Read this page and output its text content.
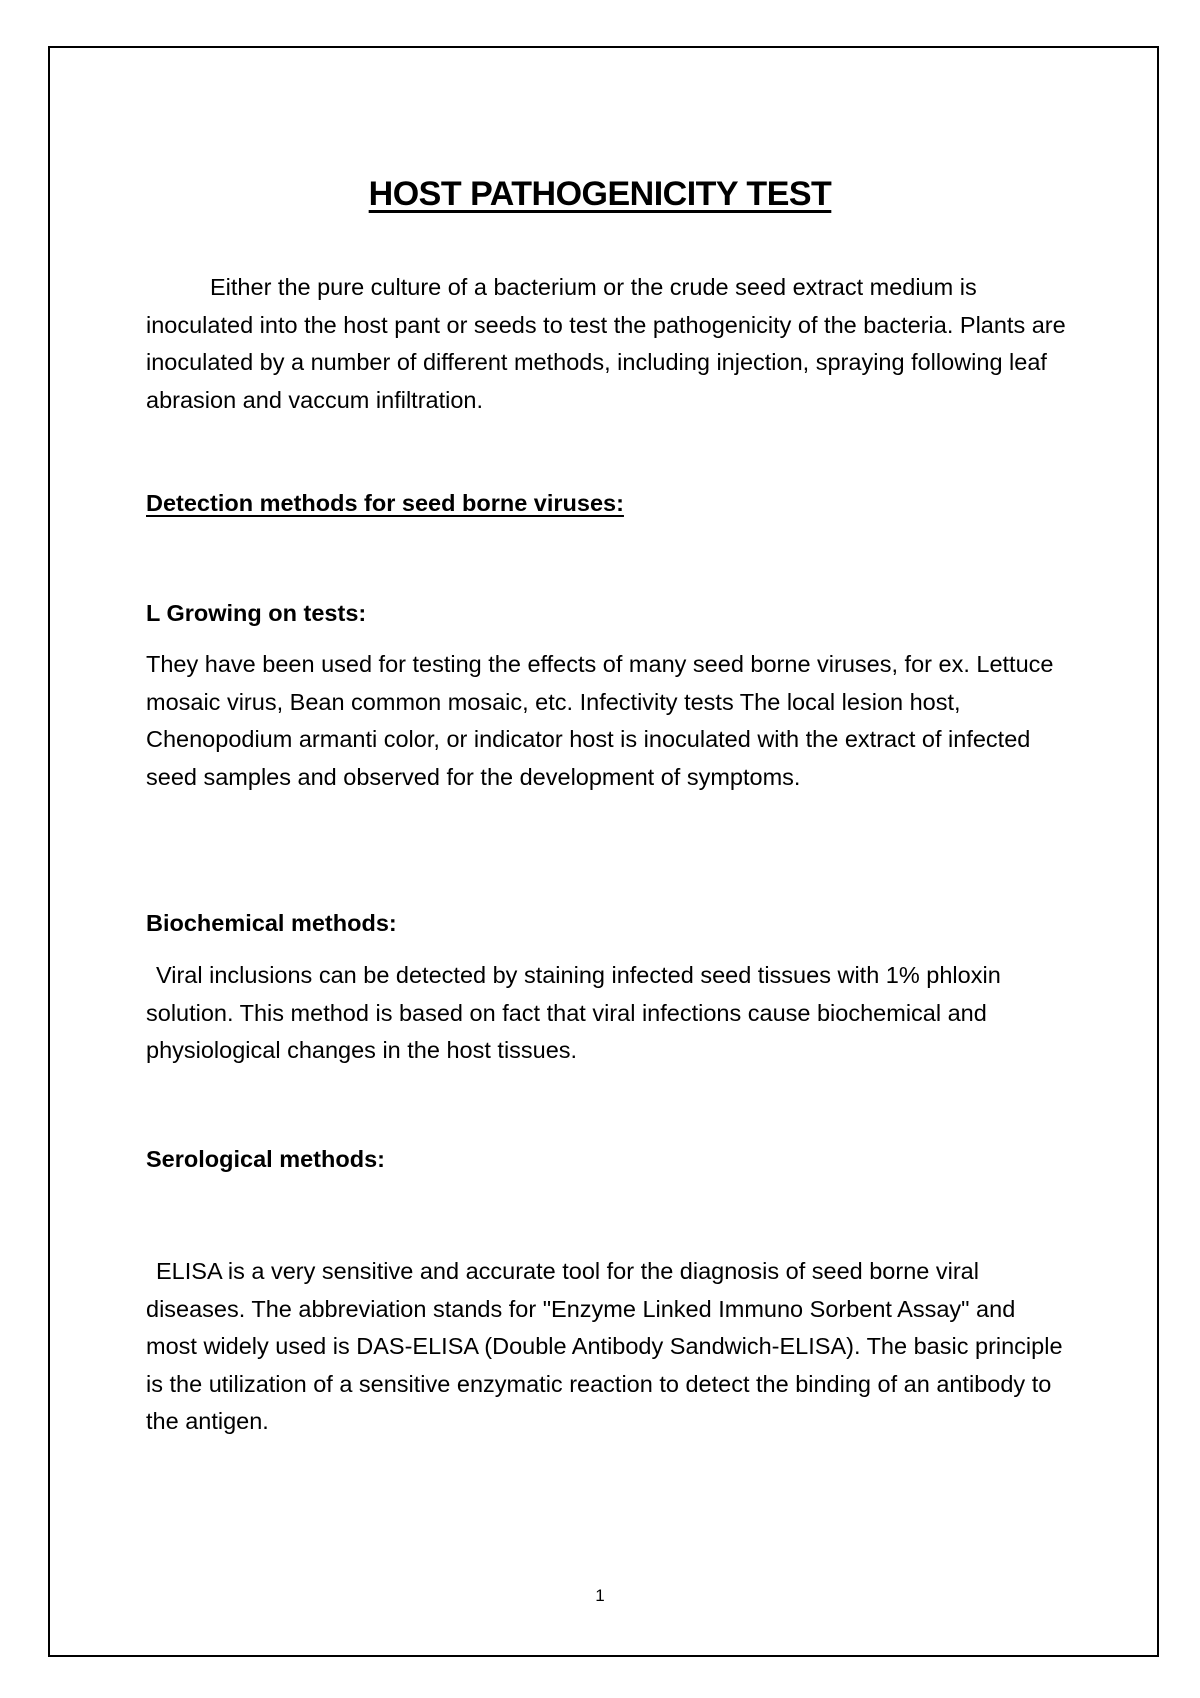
HOST PATHOGENICITY TEST

Either the pure culture of a bacterium or the crude seed extract medium is inoculated into the host pant or seeds to test the pathogenicity of the bacteria. Plants are inoculated by a number of different methods, including injection, spraying following leaf abrasion and vaccum infiltration.

Detection methods for seed borne viruses:

L Growing on tests:

They have been used for testing the effects of many seed borne viruses, for ex. Lettuce mosaic virus, Bean common mosaic, etc. Infectivity tests The local lesion host, Chenopodium armanti color, or indicator host is inoculated with the extract of infected seed samples and observed for the development of symptoms.

Biochemical methods:

Viral inclusions can be detected by staining infected seed tissues with 1% phloxin solution. This method is based on fact that viral infections cause biochemical and physiological changes in the host tissues.

Serological methods:

ELISA is a very sensitive and accurate tool for the diagnosis of seed borne viral diseases. The abbreviation stands for "Enzyme Linked Immuno Sorbent Assay" and most widely used is DAS-ELISA (Double Antibody Sandwich-ELISA). The basic principle is the utilization of a sensitive enzymatic reaction to detect the binding of an antibody to the antigen.

1
